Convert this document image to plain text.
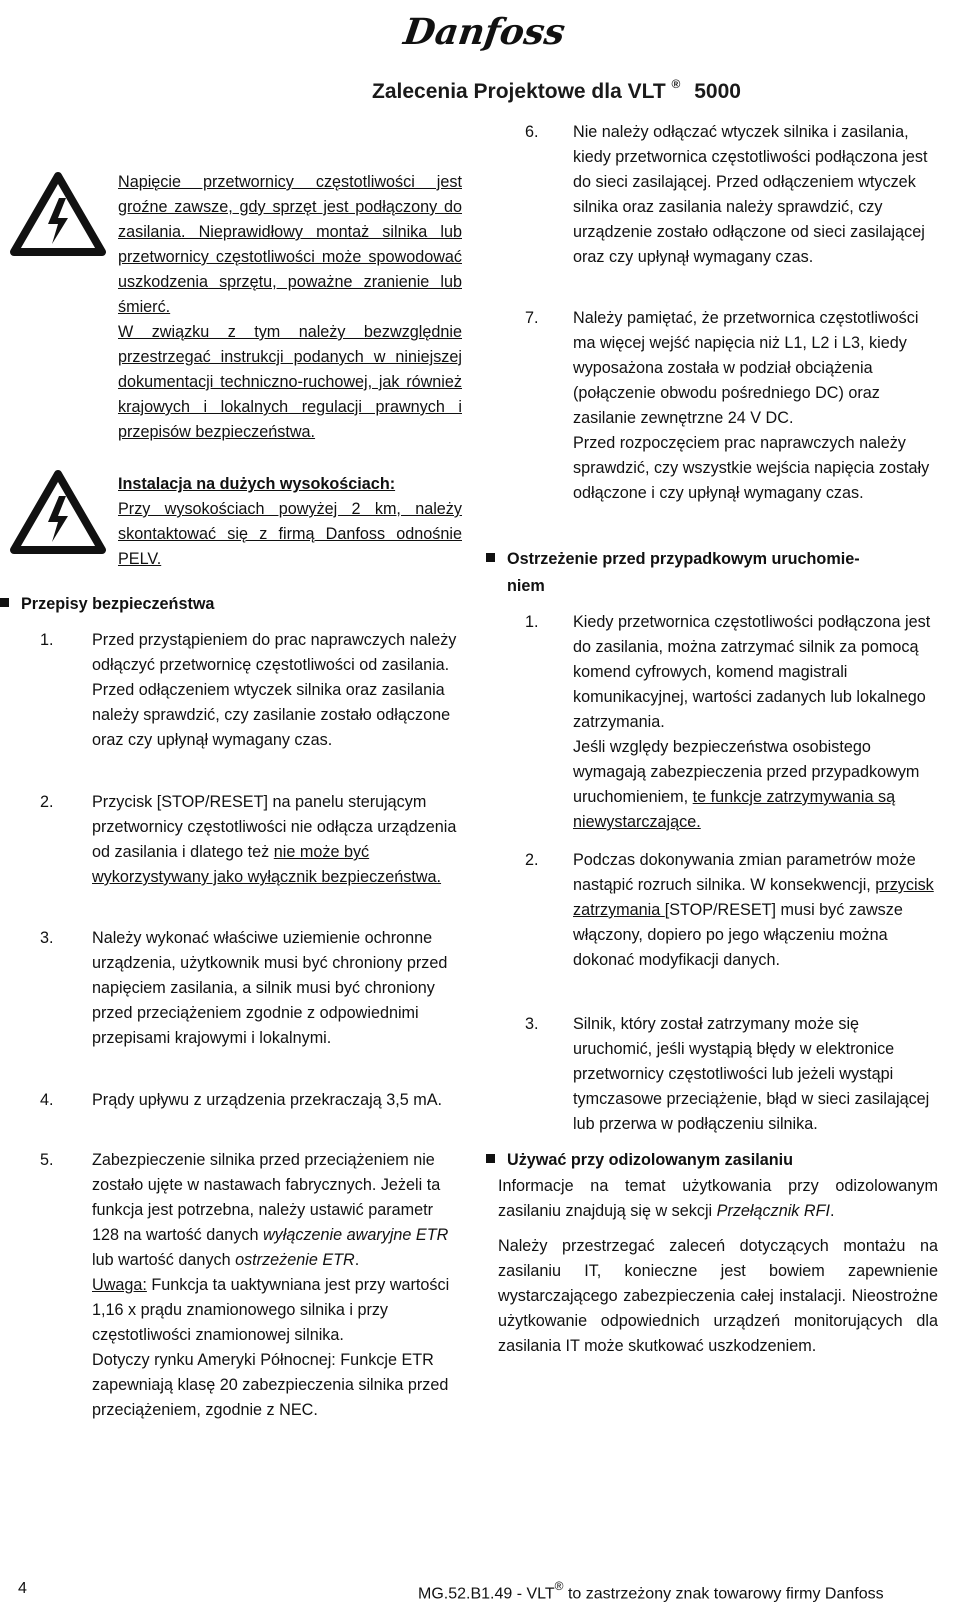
Danfoss
Zalecenia Projektowe dla VLT ® 5000

Napięcie przetwornicy częstotliwości jest groźne zawsze, gdy sprzęt jest podłączony do zasilania. Nieprawidłowy montaż silnika lub przetwornicy częstotliwości może spowodować uszkodzenia sprzętu, poważne zranienie lub śmierć.

W związku z tym należy bezwzględnie przestrzegać instrukcji podanych w niniejszej dokumentacji techniczno-ruchowej, jak również krajowych i lokalnych regulacji prawnych i przepisów bezpieczeństwa.

Instalacja na dużych wysokościach:

Przy wysokościach powyżej 2 km, należy skontaktować się z firmą Danfoss odnośnie PELV.

Przepisy bezpieczeństwa
1. Przed przystąpieniem do prac naprawczych należy odłączyć przetwornicę częstotliwości od zasilania. Przed odłączeniem wtyczek silnika oraz zasilania należy sprawdzić, czy zasilanie zostało odłączone oraz czy upłynął wymagany czas.

2. Przycisk [STOP/RESET] na panelu sterującym przetwornicy częstotliwości nie odłącza urządzenia od zasilania i dlatego też nie może być wykorzystywany jako wyłącznik bezpieczeństwa.

3. Należy wykonać właściwe uziemienie ochronne urządzenia, użytkownik musi być chroniony przed napięciem zasilania, a silnik musi być chroniony przed przeciążeniem zgodnie z odpowiednimi przepisami krajowymi i lokalnymi.

4. Prądy upływu z urządzenia przekraczają 3,5 mA.

5. Zabezpieczenie silnika przed przeciążeniem nie zostało ujęte w nastawach fabrycznych. Jeżeli ta funkcja jest potrzebna, należy ustawić parametr 128 na wartość danych wyłączenie awaryjne ETR lub wartość danych ostrzeżenie ETR.

Uwaga: Funkcja ta uaktywniana jest przy wartości 1,16 x prądu znamionowego silnika i przy częstotliwości znamionowej silnika.

Dotyczy rynku Ameryki Północnej: Funkcje ETR zapewniają klasę 20 zabezpieczenia silnika przed przeciążeniem, zgodnie z NEC.

4
6. Nie należy odłączać wtyczek silnika i zasilania, kiedy przetwornica częstotliwości podłączona jest do sieci zasilającej. Przed odłączeniem wtyczek silnika oraz zasilania należy sprawdzić, czy urządzenie zostało odłączone od sieci zasilającej oraz czy upłynął wymagany czas.

7. Należy pamiętać, że przetwornica częstotliwości ma więcej wejść napięcia niż L1, L2 i L3, kiedy wyposażona została w podział obciążenia (połączenie obwodu pośredniego DC) oraz zasilanie zewnętrzne 24 V DC.

Przed rozpoczęciem prac naprawczych należy sprawdzić, czy wszystkie wejścia napięcia zostały odłączone i czy upłynął wymagany czas.

Ostrzeżenie przed przypadkowym uruchomie-
niem
1. Kiedy przetwornica częstotliwości podłączona jest do zasilania, można zatrzymać silnik za pomocą komend cyfrowych, komend magistrali komunikacyjnej, wartości zadanych lub lokalnego zatrzymania.

Jeśli względy bezpieczeństwa osobistego wymagają zabezpieczenia przed przypadkowym uruchomieniem, te funkcje zatrzymywania są niewystarczające.

2. Podczas dokonywania zmian parametrów może nastąpić rozruch silnika. W konsekwencji, przycisk zatrzymania [STOP/RESET] musi być zawsze włączony, dopiero po jego włączeniu można dokonać modyfikacji danych.

3. Silnik, który został zatrzymany może się uruchomić, jeśli wystąpią błędy w elektronice przetwornicy częstotliwości lub jeżeli wystąpi tymczasowe przeciążenie, błąd w sieci zasilającej lub przerwa w podłączeniu silnika.

Używać przy odizolowanym zasilaniu

Informacje na temat użytkowania przy odizolowanym zasilaniu znajdują się w sekcji Przełącznik RFI.

Należy przestrzegać zaleceń dotyczących montażu na zasilaniu IT, konieczne jest bowiem zapewnienie wystarczającego zabezpieczenia całej instalacji. Nieostrożne użytkowanie odpowiednich urządzeń monitorujących dla zasilania IT może skutkować uszkodzeniem.

MG.52.B1.49 - VLT® to zastrzeżony znak towarowy firmy Danfoss
